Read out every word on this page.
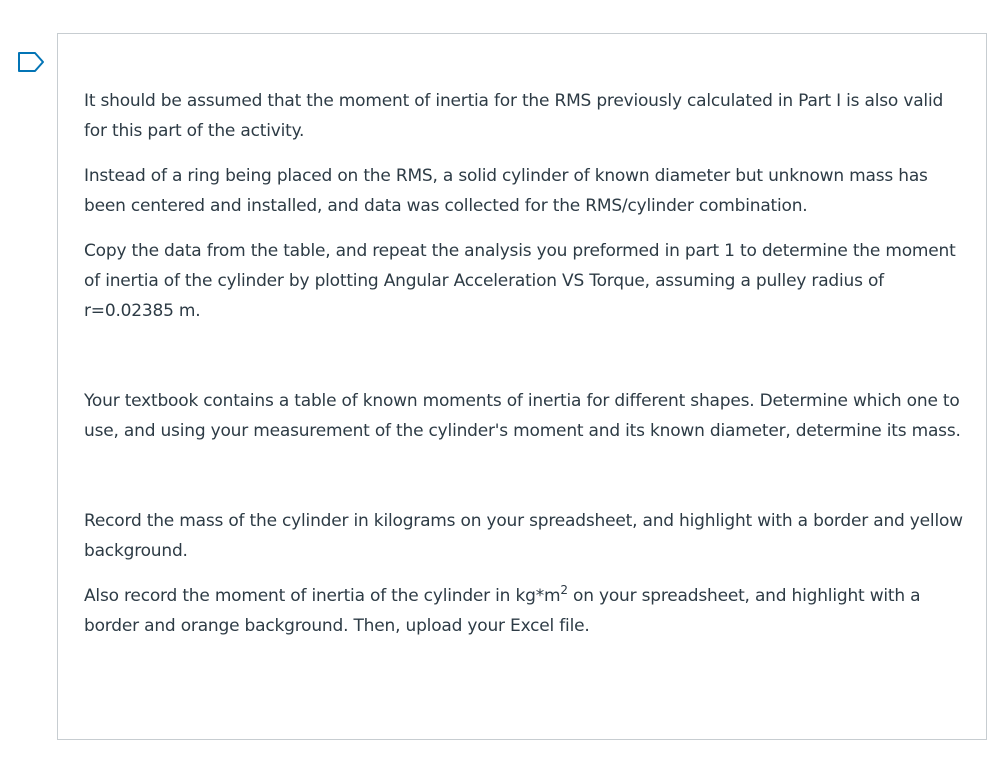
It should be assumed that the moment of inertia for the RMS previously calculated in Part I is also valid for this part of the activity.

Instead of a ring being placed on the RMS, a solid cylinder of known diameter but unknown mass has been centered and installed, and data was collected for the RMS/cylinder combination.

Copy the data from the table, and repeat the analysis you preformed in part 1 to determine the moment of inertia of the cylinder by plotting Angular Acceleration VS Torque, assuming a pulley radius of r=0.02385 m.

Your textbook contains a table of known moments of inertia for different shapes. Determine which one to use, and using your measurement of the cylinder's moment and its known diameter, determine its mass.

Record the mass of the cylinder in kilograms on your spreadsheet, and highlight with a border and yellow background.

Also record the moment of inertia of the cylinder in $kg*m^2$ on your spreadsheet, and highlight with a border and orange background. Then, upload your Excel file.
